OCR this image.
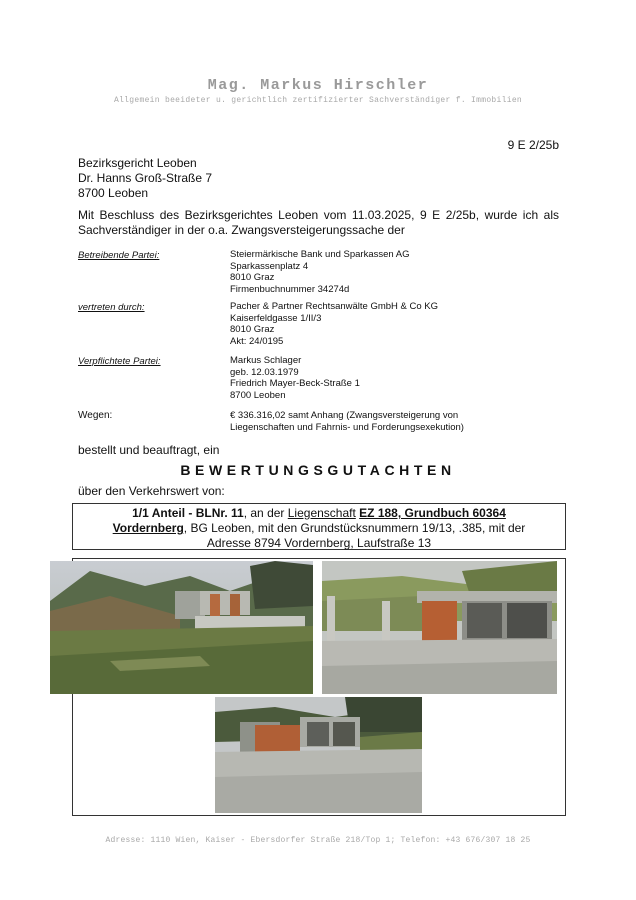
Mag. Markus Hirschler
Allgemein beeideter u. gerichtlich zertifizierter Sachverständiger f. Immobilien
9 E 2/25b
Bezirksgericht Leoben
Dr. Hanns Groß-Straße 7
8700 Leoben
Mit Beschluss des Bezirksgerichtes Leoben vom 11.03.2025, 9 E 2/25b, wurde ich als Sachverständiger in der o.a. Zwangsversteigerungssache der
Betreibende Partei:	Steiermärkische Bank und Sparkassen AG
Sparkassenplatz 4
8010 Graz
Firmenbuchnummer 34274d
vertreten durch:	Pacher & Partner Rechtsanwälte GmbH & Co KG
Kaiserfeldgasse 1/II/3
8010 Graz
Akt: 24/0195
Verpflichtete Partei:	Markus Schlager
geb. 12.03.1979
Friedrich Mayer-Beck-Straße 1
8700 Leoben
Wegen:	€ 336.316,02 samt Anhang (Zwangsversteigerung von
Liegenschaften und Fahrnis- und Forderungsexekution)
bestellt und beauftragt, ein
BEWERTUNGSGUTACHTEN
über den Verkehrswert von:
1/1 Anteil - BLNr. 11, an der Liegenschaft EZ 188, Grundbuch 60364
Vordernberg, BG Leoben, mit den Grundstücksnummern 19/13, .385, mit der
Adresse 8794 Vordernberg, Laufstraße 13
Adresse: 1110 Wien, Kaiser - Ebersdorfer Straße 218/Top 1; Telefon: +43 676/307 18 25
